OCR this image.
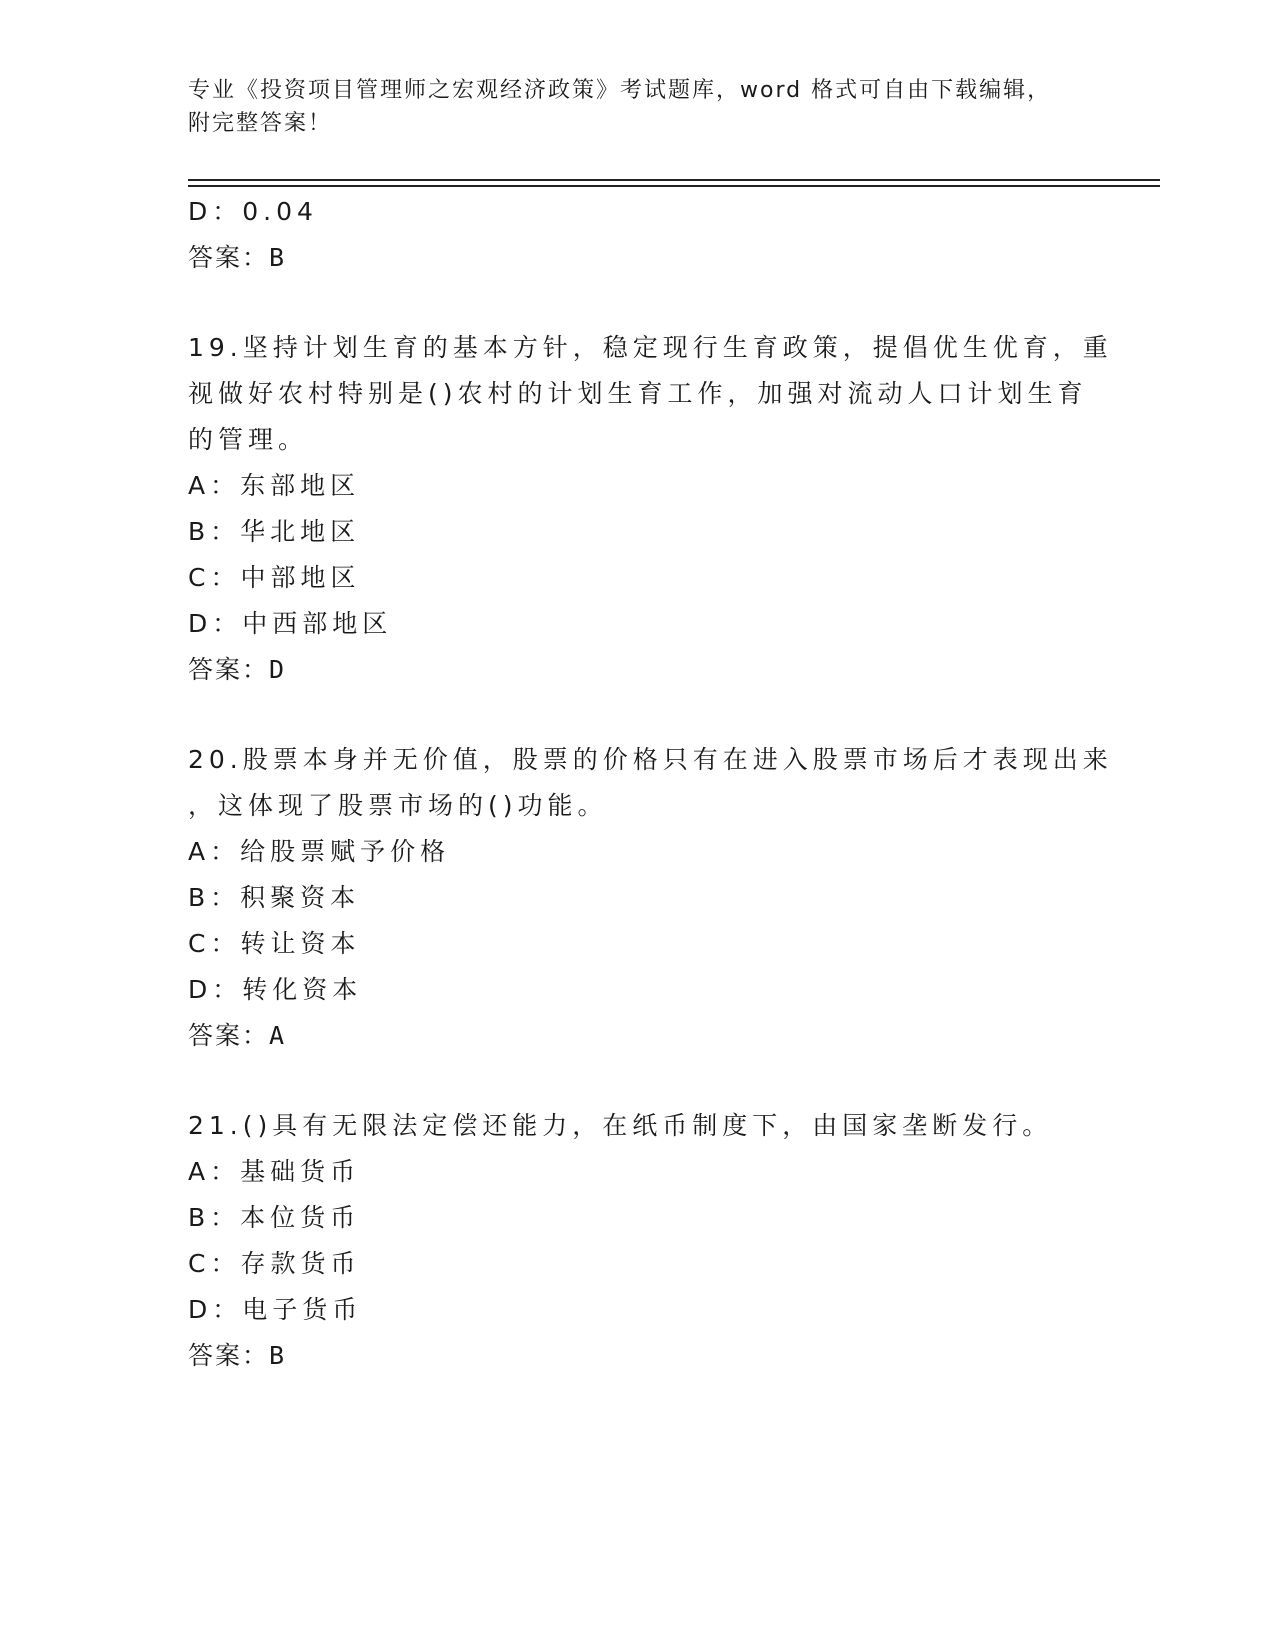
专业《投资项目管理师之宏观经济政策》考试题库，word 格式可自由下载编辑，
附完整答案！
D：0.04
答案：B
19.坚持计划生育的基本方针，稳定现行生育政策，提倡优生优育，重
视做好农村特别是()农村的计划生育工作，加强对流动人口计划生育
的管理。
A：东部地区
B：华北地区
C：中部地区
D：中西部地区
答案：D
20.股票本身并无价值，股票的价格只有在进入股票市场后才表现出来
，这体现了股票市场的()功能。
A：给股票赋予价格
B：积聚资本
C：转让资本
D：转化资本
答案：A
21.()具有无限法定偿还能力，在纸币制度下，由国家垄断发行。
A：基础货币
B：本位货币
C：存款货币
D：电子货币
答案：B
